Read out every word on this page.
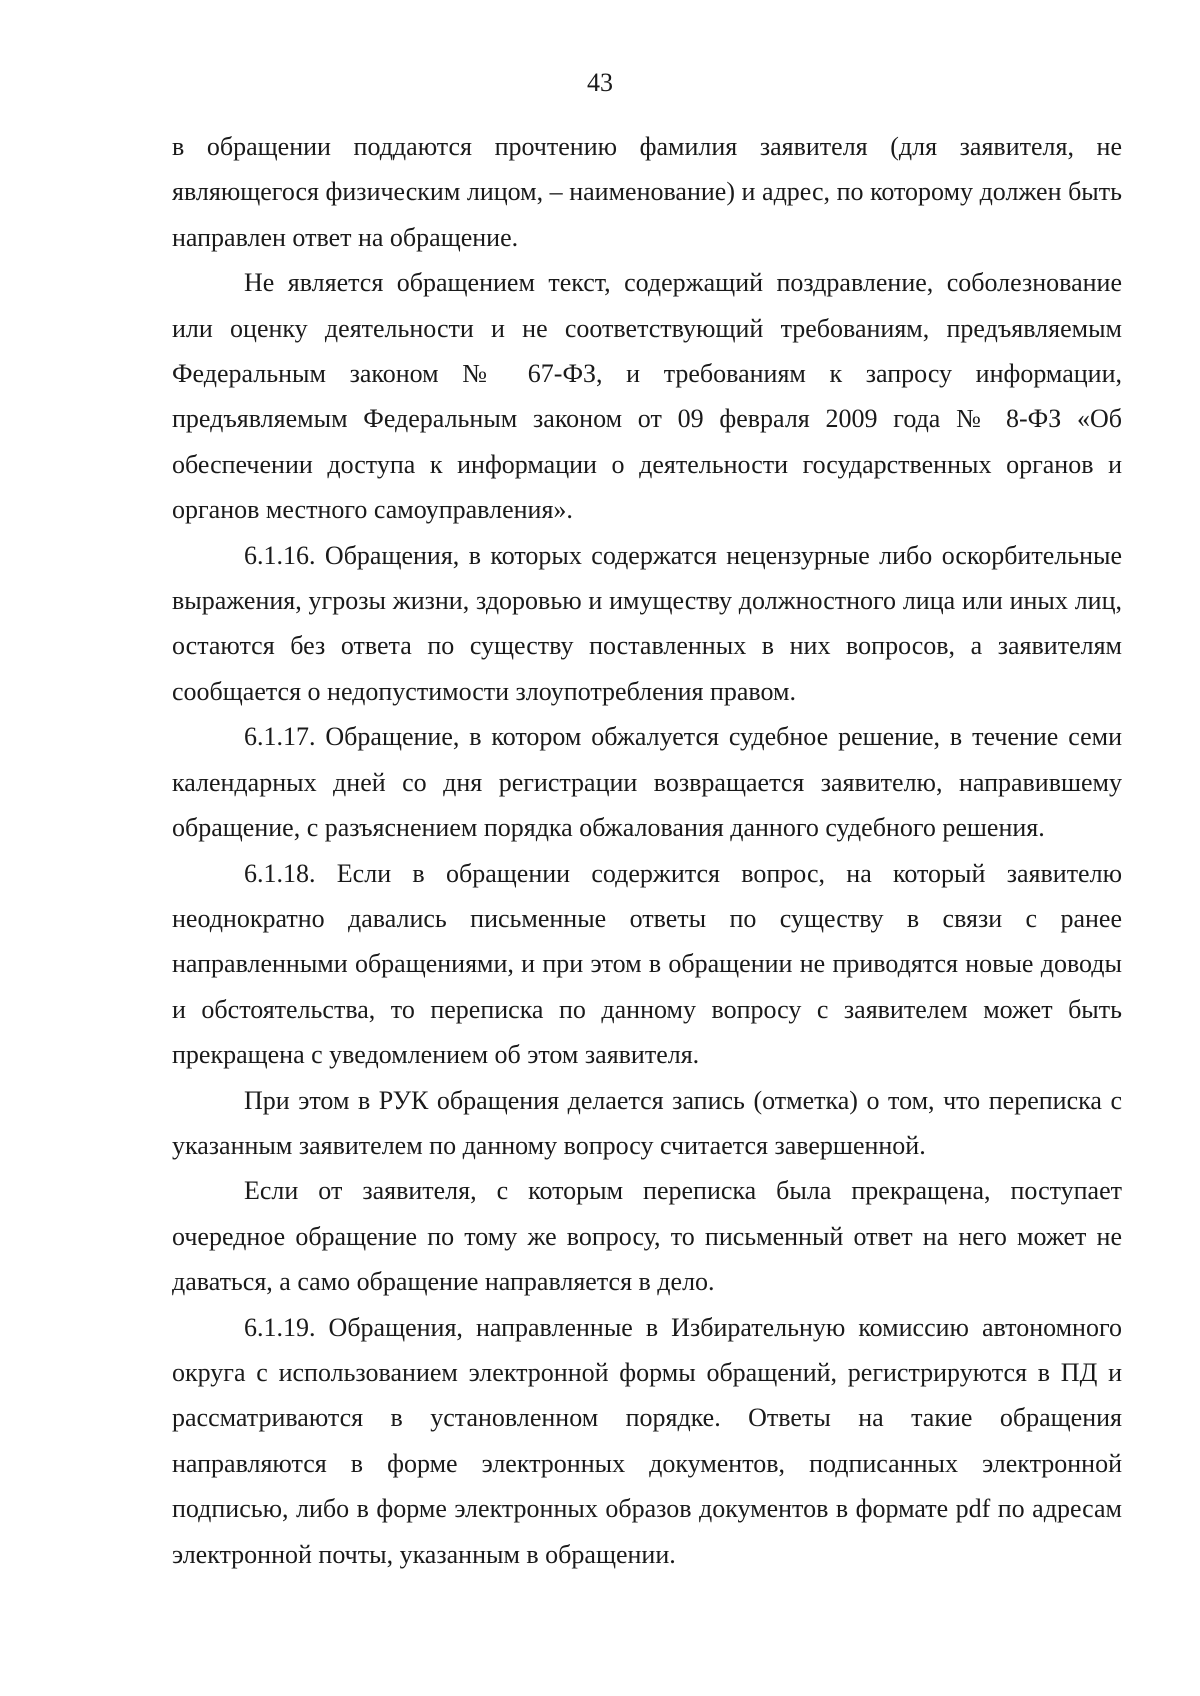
43

в обращении поддаются прочтению фамилия заявителя (для заявителя, не являющегося физическим лицом, – наименование) и адрес, по которому должен быть направлен ответ на обращение.

Не является обращением текст, содержащий поздравление, соболезнование или оценку деятельности и не соответствующий требованиям, предъявляемым Федеральным законом № 67-ФЗ, и требованиям к запросу информации, предъявляемым Федеральным законом от 09 февраля 2009 года № 8-ФЗ «Об обеспечении доступа к информации о деятельности государственных органов и органов местного самоуправления».

6.1.16. Обращения, в которых содержатся нецензурные либо оскорбительные выражения, угрозы жизни, здоровью и имуществу должностного лица или иных лиц, остаются без ответа по существу поставленных в них вопросов, а заявителям сообщается о недопустимости злоупотребления правом.

6.1.17. Обращение, в котором обжалуется судебное решение, в течение семи календарных дней со дня регистрации возвращается заявителю, направившему обращение, с разъяснением порядка обжалования данного судебного решения.

6.1.18. Если в обращении содержится вопрос, на который заявителю неоднократно давались письменные ответы по существу в связи с ранее направленными обращениями, и при этом в обращении не приводятся новые доводы и обстоятельства, то переписка по данному вопросу с заявителем может быть прекращена с уведомлением об этом заявителя.

При этом в РУК обращения делается запись (отметка) о том, что переписка с указанным заявителем по данному вопросу считается завершенной.

Если от заявителя, с которым переписка была прекращена, поступает очередное обращение по тому же вопросу, то письменный ответ на него может не даваться, а само обращение направляется в дело.

6.1.19. Обращения, направленные в Избирательную комиссию автономного округа с использованием электронной формы обращений, регистрируются в ПД и рассматриваются в установленном порядке. Ответы на такие обращения направляются в форме электронных документов, подписанных электронной подписью, либо в форме электронных образов документов в формате pdf по адресам электронной почты, указанным в обращении.
